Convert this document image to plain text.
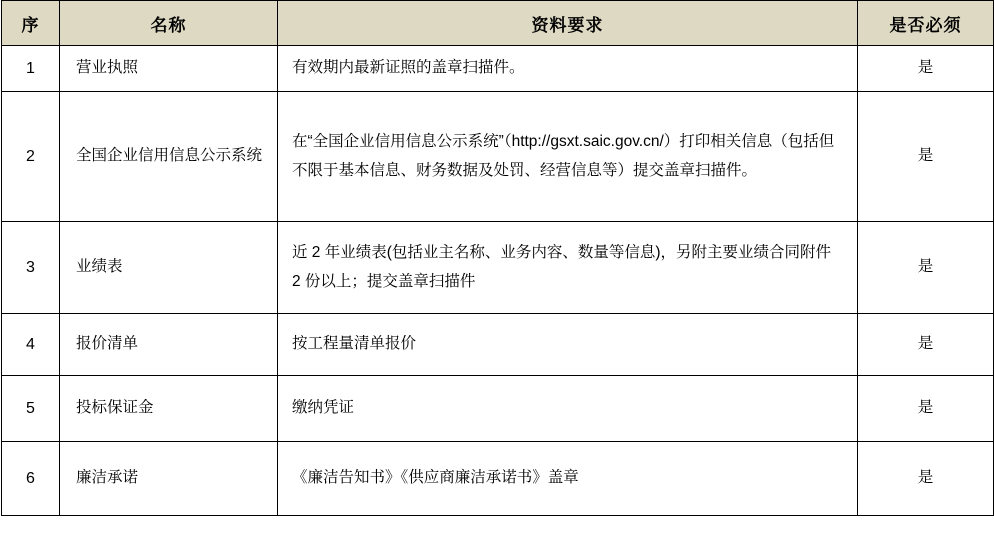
序	名称	资料要求	是否必须
1	营业执照	有效期内最新证照的盖章扫描件。	是
2	全国企业信用信息公示系统	在“全国企业信用信息公示系统”（http://gsxt.saic.gov.cn/）打印相关信息（包括但不限于基本信息、财务数据及处罚、经营信息等）提交盖章扫描件。	是
3	业绩表	近 2 年业绩表(包括业主名称、业务内容、数量等信息)，另附主要业绩合同附件 2 份以上；提交盖章扫描件	是
4	报价清单	按工程量清单报价	是
5	投标保证金	缴纳凭证	是
6	廉洁承诺	《廉洁告知书》《供应商廉洁承诺书》盖章	是
